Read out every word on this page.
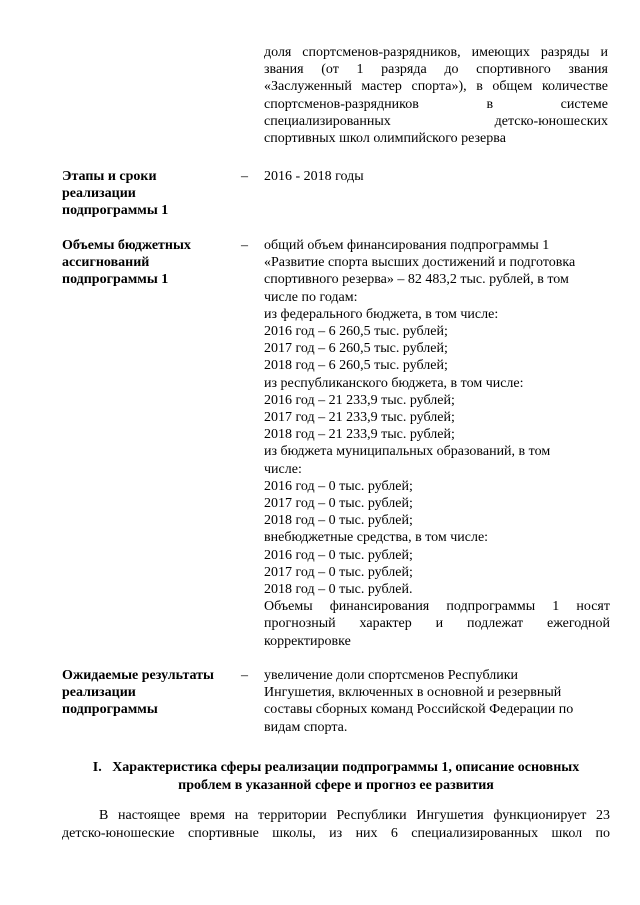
доля спортсменов-разрядников, имеющих разряды и

звания (от 1 разряда до спортивного звания

«Заслуженный мастер спорта»), в общем количестве

спортсменов-разрядников в системе

специализированных детско-юношеских

спортивных школ олимпийского резерва

Этапы и сроки
реализации
подпрограммы 1
– 2016 - 2018 годы
Объемы бюджетных
ассигнований
подпрограммы 1
– общий объем финансирования подпрограммы 1
«Развитие спорта высших достижений и подготовка
спортивного резерва» – 82 483,2 тыс. рублей, в том
числе по годам:
из федерального бюджета, в том числе:
2016 год – 6 260,5 тыс. рублей;
2017 год – 6 260,5 тыс. рублей;
2018 год – 6 260,5 тыс. рублей;
из республиканского бюджета, в том числе:
2016 год – 21 233,9 тыс. рублей;
2017 год – 21 233,9 тыс. рублей;
2018 год – 21 233,9 тыс. рублей;
из бюджета муниципальных образований, в том
числе:
2016 год – 0 тыс. рублей;
2017 год – 0 тыс. рублей;
2018 год – 0 тыс. рублей;
внебюджетные средства, в том числе:
2016 год – 0 тыс. рублей;
2017 год – 0 тыс. рублей;
2018 год – 0 тыс. рублей.
Объемы финансирования подпрограммы 1 носят
прогнозный характер и подлежат ежегодной
корректировке
Ожидаемые результаты
реализации
подпрограммы
– увеличение доли спортсменов Республики
Ингушетия, включенных в основной и резервный
составы сборных команд Российской Федерации по
видам спорта.
I.   Характеристика сферы реализации подпрограммы 1, описание основных
проблем в указанной сфере и прогноз ее развития
В настоящее время на территории Республики Ингушетия функционирует 23
детско-юношеские спортивные школы, из них 6 специализированных школ по
